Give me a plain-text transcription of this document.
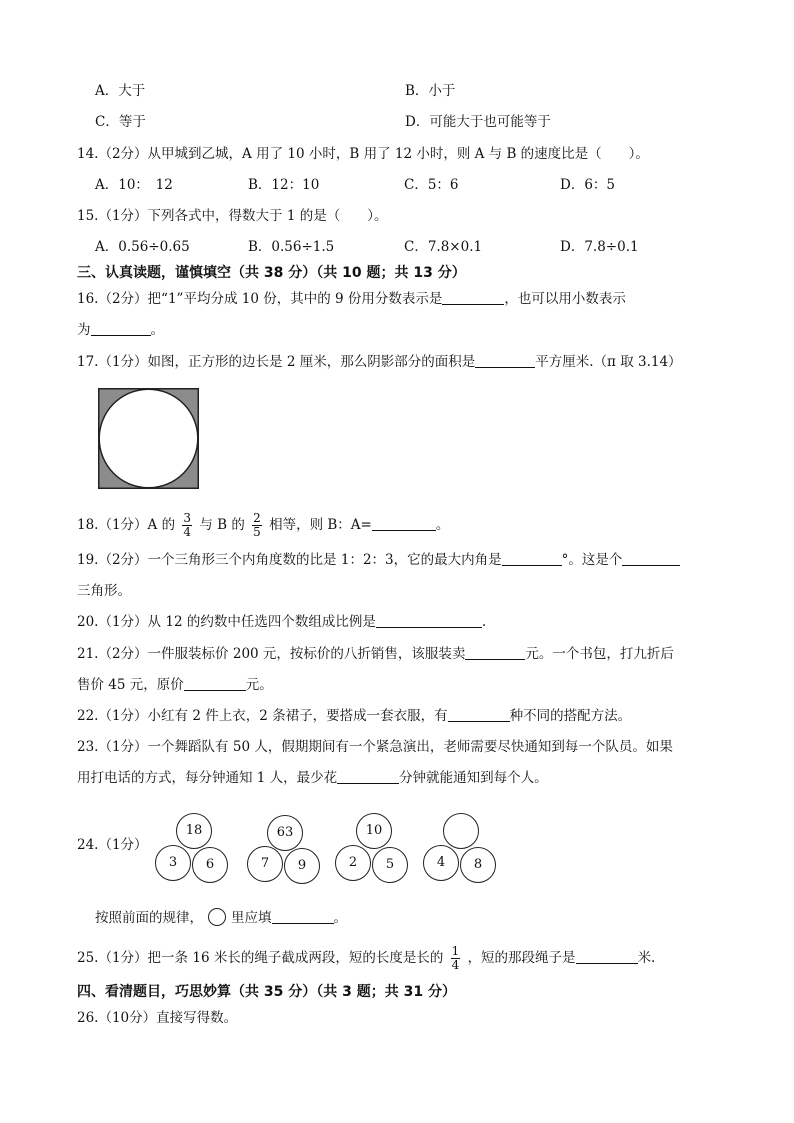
A．大于	B．小于
C．等于	D．可能大于也可能等于
14.（2分）从甲城到乙城，A 用了 10 小时，B 用了 12 小时，则 A 与 B 的速度比是（　　）。
A．10：　12	B．12：10	C．5：6	D．6：5
15.（1分）下列各式中，得数大于 1 的是（　　）。
A．0.56÷0.65	B．0.56÷1.5	C．7.8×0.1	D．7.8÷0.1
三、认真读题，谨慎填空（共 38 分）（共 10 题；共 13 分）
16.（2分）把“1”平均分成 10 份，其中的 9 份用分数表示是	，也可以用小数表示
为	。
17.（1分）如图，正方形的边长是 2 厘米，那么阴影部分的面积是	平方厘米.（π 取 3.14）
18.（1分）A 的 $\frac{3}{4}$ 与 B 的 $\frac{2}{5}$ 相等，则 B：A=	。
19.（2分）一个三角形三个内角度数的比是 1：2：3，它的最大内角是	°。这是个
三角形。
20.（1分）从 12 的约数中任选四个数组成比例是	.
21.（2分）一件服装标价 200 元，按标价的八折销售，该服装卖	元。一个书包，打九折后
售价 45 元，原价	元。
22.（1分）小红有 2 件上衣，2 条裙子，要搭成一套衣服，有	种不同的搭配方法。
23.（1分）一个舞蹈队有 50 人，假期期间有一个紧急演出，老师需要尽快通知到每一个队员。如果
用打电话的方式，每分钟通知 1 人，最少花	分钟就能通知到每个人。
24.（1分）
18
3	6
63
7	9
10
2	5	4	8
按照前面的规律， 里应填	。
25.（1分）把一条 16 米长的绳子截成两段，短的长度是长的 $\frac{1}{4}$ ，短的那段绳子是	米.
四、看清题目，巧思妙算（共 35 分）（共 3 题；共 31 分）
26.（10分）直接写得数。
